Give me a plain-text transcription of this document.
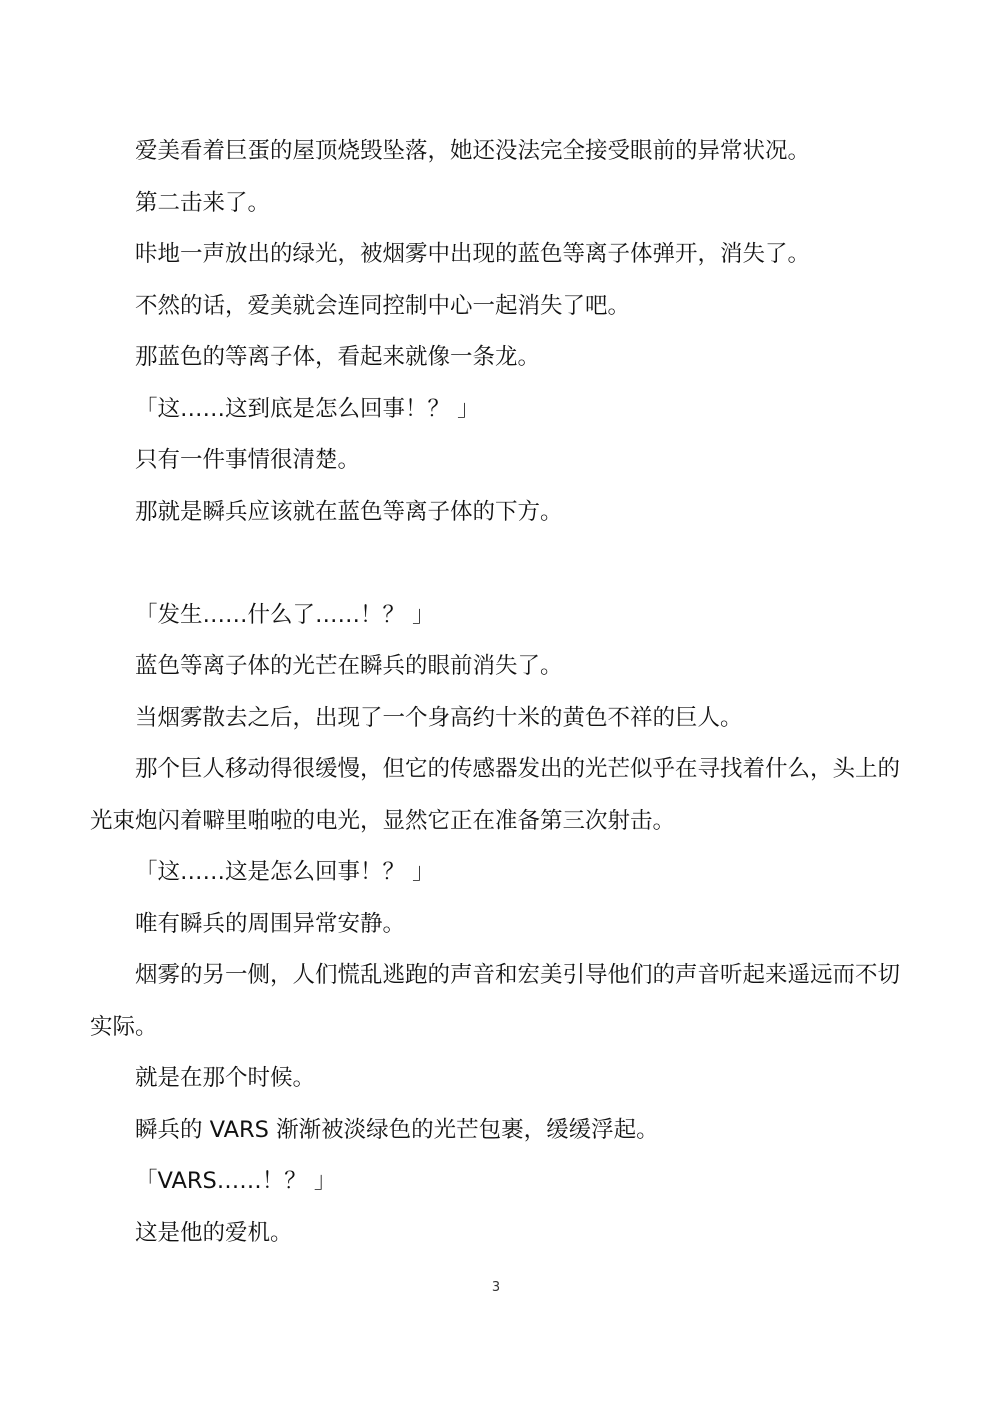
爱美看着巨蛋的屋顶烧毁坠落，她还没法完全接受眼前的异常状况。

第二击来了。

咔地一声放出的绿光，被烟雾中出现的蓝色等离子体弹开，消失了。

不然的话，爱美就会连同控制中心一起消失了吧。

那蓝色的等离子体，看起来就像一条龙。

「这……这到底是怎么回事！？ 」

只有一件事情很清楚。

那就是瞬兵应该就在蓝色等离子体的下方。

「发生……什么了……！？ 」

蓝色等离子体的光芒在瞬兵的眼前消失了。

当烟雾散去之后，出现了一个身高约十米的黄色不祥的巨人。

那个巨人移动得很缓慢，但它的传感器发出的光芒似乎在寻找着什么，头上的光束炮闪着噼里啪啦的电光，显然它正在准备第三次射击。

「这……这是怎么回事！？ 」

唯有瞬兵的周围异常安静。

烟雾的另一侧，人们慌乱逃跑的声音和宏美引导他们的声音听起来遥远而不切实际。

就是在那个时候。

瞬兵的 VARS 渐渐被淡绿色的光芒包裹，缓缓浮起。

「VARS……！？ 」

这是他的爱机。

3
